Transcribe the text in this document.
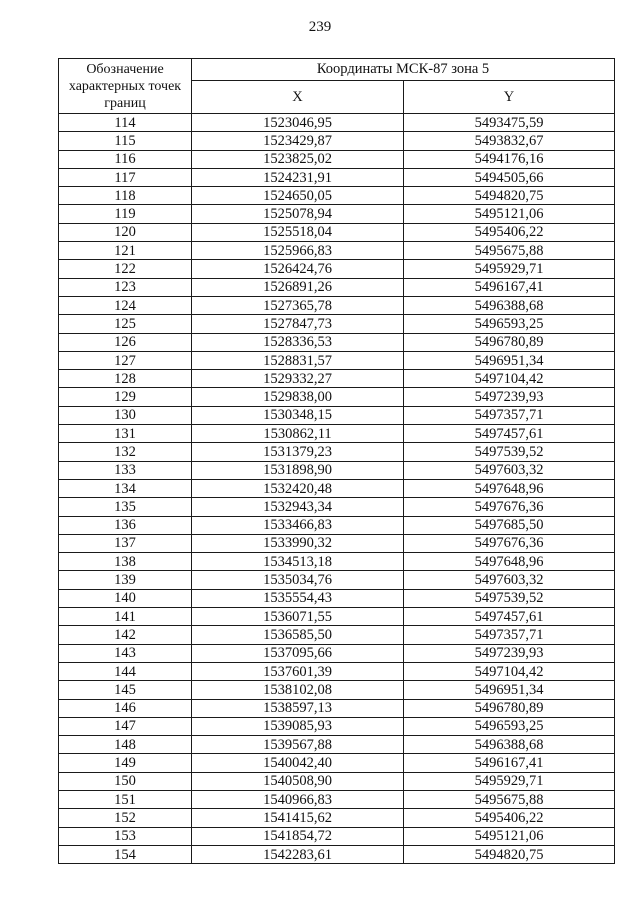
239
Обозначение характерных точек границ	Координаты МСК-87 зона 5	
	X	Y
114	1523046,95	5493475,59
115	1523429,87	5493832,67
116	1523825,02	5494176,16
117	1524231,91	5494505,66
118	1524650,05	5494820,75
119	1525078,94	5495121,06
120	1525518,04	5495406,22
121	1525966,83	5495675,88
122	1526424,76	5495929,71
123	1526891,26	5496167,41
124	1527365,78	5496388,68
125	1527847,73	5496593,25
126	1528336,53	5496780,89
127	1528831,57	5496951,34
128	1529332,27	5497104,42
129	1529838,00	5497239,93
130	1530348,15	5497357,71
131	1530862,11	5497457,61
132	1531379,23	5497539,52
133	1531898,90	5497603,32
134	1532420,48	5497648,96
135	1532943,34	5497676,36
136	1533466,83	5497685,50
137	1533990,32	5497676,36
138	1534513,18	5497648,96
139	1535034,76	5497603,32
140	1535554,43	5497539,52
141	1536071,55	5497457,61
142	1536585,50	5497357,71
143	1537095,66	5497239,93
144	1537601,39	5497104,42
145	1538102,08	5496951,34
146	1538597,13	5496780,89
147	1539085,93	5496593,25
148	1539567,88	5496388,68
149	1540042,40	5496167,41
150	1540508,90	5495929,71
151	1540966,83	5495675,88
152	1541415,62	5495406,22
153	1541854,72	5495121,06
154	1542283,61	5494820,75
